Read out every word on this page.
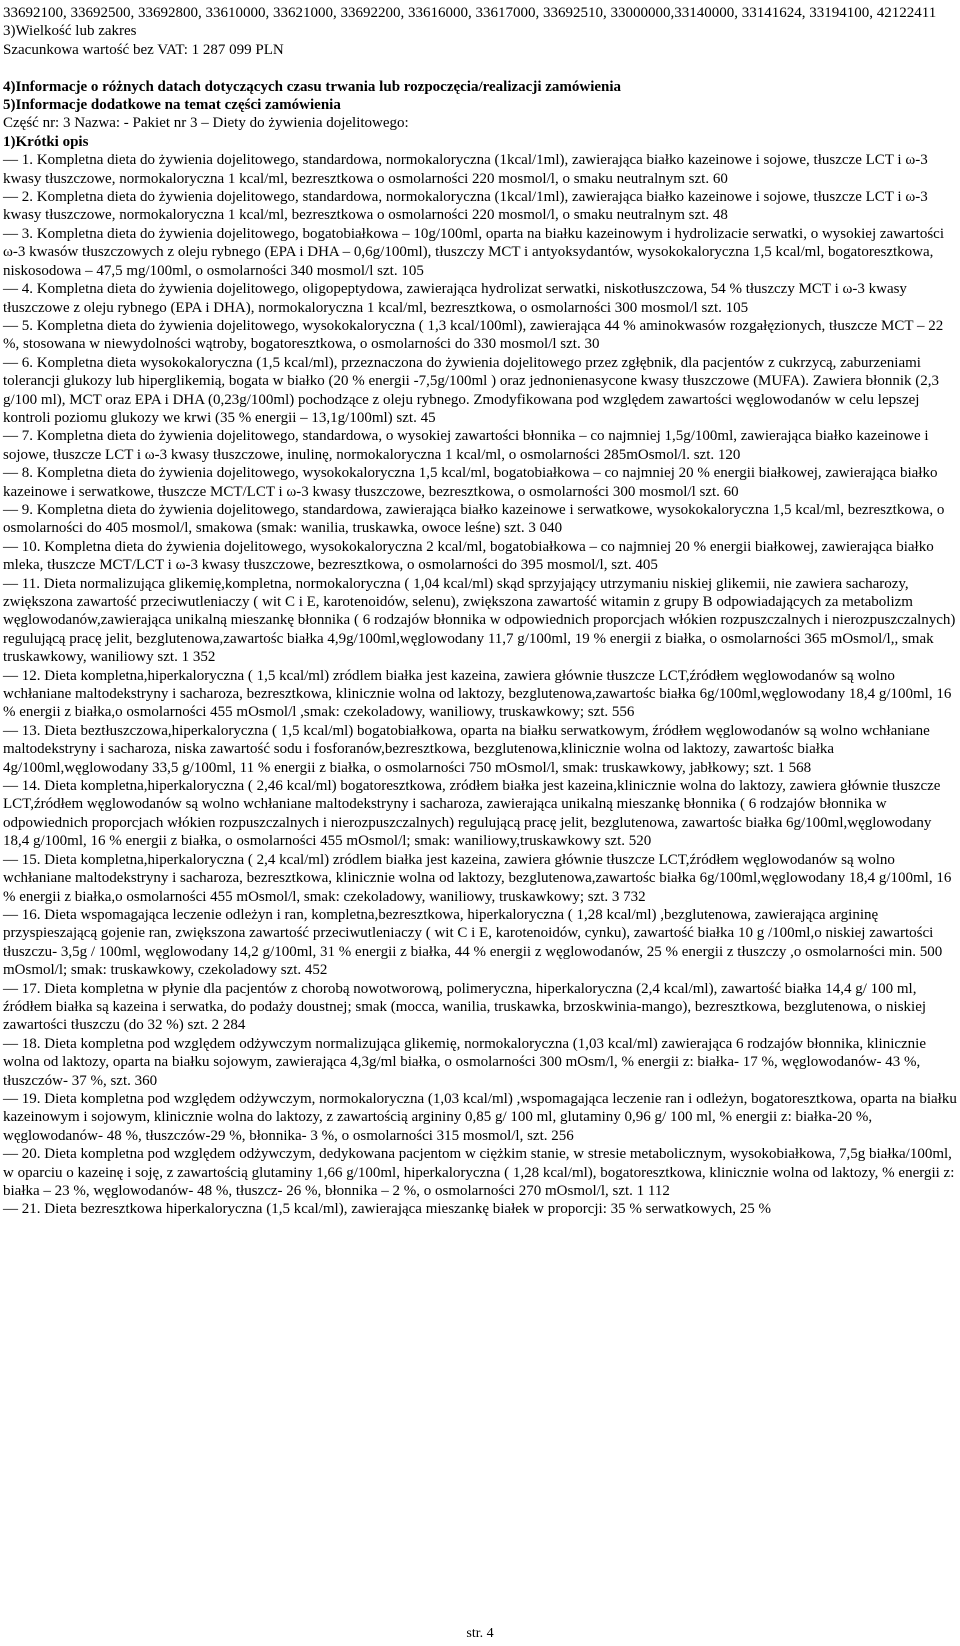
33692100, 33692500, 33692800, 33610000, 33621000, 33692200, 33616000, 33617000, 33692510, 33000000,33140000, 33141624, 33194100, 42122411

3)Wielkość lub zakres

Szacunkowa wartość bez VAT: 1 287 099 PLN

4)Informacje o różnych datach dotyczących czasu trwania lub rozpoczęcia/realizacji zamówienia

5)Informacje dodatkowe na temat części zamówienia

Część nr: 3 Nazwa: - Pakiet nr 3 – Diety do żywienia dojelitowego:

1)Krótki opis

— 1. Kompletna dieta do żywienia dojelitowego, standardowa, normokaloryczna (1kcal/1ml), zawierająca białko kazeinowe i sojowe, tłuszcze LCT i ω-3 kwasy tłuszczowe, normokaloryczna 1 kcal/ml, bezresztkowa o osmolarności 220 mosmol/l, o smaku neutralnym szt. 60

— 2. Kompletna dieta do żywienia dojelitowego, standardowa, normokaloryczna (1kcal/1ml), zawierająca białko kazeinowe i sojowe, tłuszcze LCT i ω-3 kwasy tłuszczowe, normokaloryczna 1 kcal/ml, bezresztkowa o osmolarności 220 mosmol/l, o smaku neutralnym szt. 48

— 3. Kompletna dieta do żywienia dojelitowego, bogatobiałkowa – 10g/100ml, oparta na białku kazeinowym i hydrolizacie serwatki, o wysokiej zawartości ω-3 kwasów tłuszczowych z oleju rybnego (EPA i DHA – 0,6g/100ml), tłuszczy MCT i antyoksydantów, wysokokaloryczna 1,5 kcal/ml, bogatoresztkowa, niskosodowa – 47,5 mg/100ml, o osmolarności 340 mosmol/l szt. 105

— 4. Kompletna dieta do żywienia dojelitowego, oligopeptydowa, zawierająca hydrolizat serwatki, niskotłuszczowa, 54 % tłuszczy MCT i ω-3 kwasy tłuszczowe z oleju rybnego (EPA i DHA), normokaloryczna 1 kcal/ml, bezresztkowa, o osmolarności 300 mosmol/l szt. 105

— 5. Kompletna dieta do żywienia dojelitowego, wysokokaloryczna ( 1,3 kcal/100ml), zawierająca 44 % aminokwasów rozgałęzionych, tłuszcze MCT – 22 %, stosowana w niewydolności wątroby, bogatoresztkowa, o osmolarności do 330 mosmol/l szt. 30

— 6. Kompletna dieta wysokokaloryczna (1,5 kcal/ml), przeznaczona do żywienia dojelitowego przez zgłębnik, dla pacjentów z cukrzycą, zaburzeniami tolerancji glukozy lub hiperglikemią, bogata w białko (20 % energii -7,5g/100ml ) oraz jednonienasycone kwasy tłuszczowe (MUFA). Zawiera błonnik (2,3 g/100 ml), MCT oraz EPA i DHA (0,23g/100ml) pochodzące z oleju rybnego. Zmodyfikowana pod względem zawartości węglowodanów w celu lepszej kontroli poziomu glukozy we krwi (35 % energii – 13,1g/100ml) szt. 45

— 7. Kompletna dieta do żywienia dojelitowego, standardowa, o wysokiej zawartości błonnika – co najmniej 1,5g/100ml, zawierająca białko kazeinowe i sojowe, tłuszcze LCT i ω-3 kwasy tłuszczowe, inulinę, normokaloryczna 1 kcal/ml, o osmolarności 285mOsmol/l. szt. 120

— 8. Kompletna dieta do żywienia dojelitowego, wysokokaloryczna 1,5 kcal/ml, bogatobiałkowa – co najmniej 20 % energii białkowej, zawierająca białko kazeinowe i serwatkowe, tłuszcze MCT/LCT i ω-3 kwasy tłuszczowe, bezresztkowa, o osmolarności 300 mosmol/l szt. 60

— 9. Kompletna dieta do żywienia dojelitowego, standardowa, zawierająca białko kazeinowe i serwatkowe, wysokokaloryczna 1,5 kcal/ml, bezresztkowa, o osmolarności do 405 mosmol/l, smakowa (smak: wanilia, truskawka, owoce leśne) szt. 3 040

— 10. Kompletna dieta do żywienia dojelitowego, wysokokaloryczna 2 kcal/ml, bogatobiałkowa – co najmniej 20 % energii białkowej, zawierająca białko mleka, tłuszcze MCT/LCT i ω-3 kwasy tłuszczowe, bezresztkowa, o osmolarności do 395 mosmol/l, szt. 405

— 11. Dieta normalizująca glikemię,kompletna, normokaloryczna ( 1,04 kcal/ml) skąd sprzyjający utrzymaniu niskiej glikemii, nie zawiera sacharozy, zwiększona zawartość przeciwutleniaczy ( wit C i E, karotenoidów, selenu), zwiększona zawartość witamin z grupy B odpowiadających za metabolizm węglowodanów,zawierająca unikalną mieszankę błonnika ( 6 rodzajów błonnika w odpowiednich proporcjach włókien rozpuszczalnych i nierozpuszczalnych) regulującą pracę jelit, bezglutenowa,zawartośc białka 4,9g/100ml,węglowodany 11,7 g/100ml, 19 % energii z białka, o osmolarności 365 mOsmol/l,, smak truskawkowy, waniliowy szt. 1 352

— 12. Dieta kompletna,hiperkaloryczna ( 1,5 kcal/ml) zródlem białka jest kazeina, zawiera głównie tłuszcze LCT,źródłem węglowodanów są wolno wchłaniane maltodekstryny i sacharoza, bezresztkowa, klinicznie wolna od laktozy, bezglutenowa,zawartośc białka 6g/100ml,węglowodany 18,4 g/100ml, 16 % energii z białka,o osmolarności 455 mOsmol/l ,smak: czekoladowy, waniliowy, truskawkowy; szt. 556

— 13. Dieta beztłuszczowa,hiperkaloryczna ( 1,5 kcal/ml) bogatobiałkowa, oparta na białku serwatkowym, źródłem węglowodanów są wolno wchłaniane maltodekstryny i sacharoza, niska zawartość sodu i fosforanów,bezresztkowa, bezglutenowa,klinicznie wolna od laktozy, zawartośc białka 4g/100ml,węglowodany 33,5 g/100ml, 11 % energii z białka, o osmolarności 750 mOsmol/l, smak: truskawkowy, jabłkowy; szt. 1 568

— 14. Dieta kompletna,hiperkaloryczna ( 2,46 kcal/ml) bogatoresztkowa, zródłem białka jest kazeina,klinicznie wolna do laktozy, zawiera głównie tłuszcze LCT,źródłem węglowodanów są wolno wchłaniane maltodekstryny i sacharoza, zawierająca unikalną mieszankę błonnika ( 6 rodzajów błonnika w odpowiednich proporcjach włókien rozpuszczalnych i nierozpuszczalnych) regulującą pracę jelit, bezglutenowa, zawartośc białka 6g/100ml,węglowodany 18,4 g/100ml, 16 % energii z białka, o osmolarności 455 mOsmol/l; smak: waniliowy,truskawkowy szt. 520

— 15. Dieta kompletna,hiperkaloryczna ( 2,4 kcal/ml) zródlem białka jest kazeina, zawiera głównie tłuszcze LCT,źródłem węglowodanów są wolno wchłaniane maltodekstryny i sacharoza, bezresztkowa, klinicznie wolna od laktozy, bezglutenowa,zawartośc białka 6g/100ml,węglowodany 18,4 g/100ml, 16 % energii z białka,o osmolarności 455 mOsmol/l, smak: czekoladowy, waniliowy, truskawkowy; szt. 3 732

— 16. Dieta wspomagająca leczenie odleżyn i ran, kompletna,bezresztkowa, hiperkaloryczna ( 1,28 kcal/ml) ,bezglutenowa, zawierająca argininę przyspieszającą gojenie ran, zwiększona zawartość przeciwutleniaczy ( wit C i E, karotenoidów, cynku), zawartość białka 10 g /100ml,o niskiej zawartości tłuszczu- 3,5g / 100ml, węglowodany 14,2 g/100ml, 31 % energii z białka, 44 % energii z węglowodanów, 25 % energii z tłuszczy ,o osmolarności min. 500 mOsmol/l; smak: truskawkowy, czekoladowy szt. 452

— 17. Dieta kompletna w płynie dla pacjentów z chorobą nowotworową, polimeryczna, hiperkaloryczna (2,4 kcal/ml), zawartość białka 14,4 g/ 100 ml, źródłem białka są kazeina i serwatka, do podaży doustnej; smak (mocca, wanilia, truskawka, brzoskwinia-mango), bezresztkowa, bezglutenowa, o niskiej zawartości tłuszczu (do 32 %) szt. 2 284

— 18. Dieta kompletna pod względem odżywczym normalizująca glikemię, normokaloryczna (1,03 kcal/ml) zawierająca 6 rodzajów błonnika, klinicznie wolna od laktozy, oparta na białku sojowym, zawierająca 4,3g/ml białka, o osmolarności 300 mOsm/l, % energii z: białka- 17 %, węglowodanów- 43 %, tłuszczów- 37 %, szt. 360

— 19. Dieta kompletna pod względem odżywczym, normokaloryczna (1,03 kcal/ml) ,wspomagająca leczenie ran i odleżyn, bogatoresztkowa, oparta na białku kazeinowym i sojowym, klinicznie wolna do laktozy, z zawartością argininy 0,85 g/ 100 ml, glutaminy 0,96 g/ 100 ml, % energii z: białka-20 %, węglowodanów- 48 %, tłuszczów-29 %, błonnika- 3 %, o osmolarności 315 mosmol/l, szt. 256

— 20. Dieta kompletna pod względem odżywczym, dedykowana pacjentom w ciężkim stanie, w stresie metabolicznym, wysokobiałkowa, 7,5g białka/100ml, w oparciu o kazeinę i soję, z zawartością glutaminy 1,66 g/100ml, hiperkaloryczna ( 1,28 kcal/ml), bogatoresztkowa, klinicznie wolna od laktozy, % energii z: białka – 23 %, węglowodanów- 48 %, tłuszcz- 26 %, błonnika – 2 %, o osmolarności 270 mOsmol/l, szt. 1 112

— 21. Dieta bezresztkowa hiperkaloryczna (1,5 kcal/ml), zawierająca mieszankę białek w proporcji: 35 % serwatkowych, 25 %

str. 4
